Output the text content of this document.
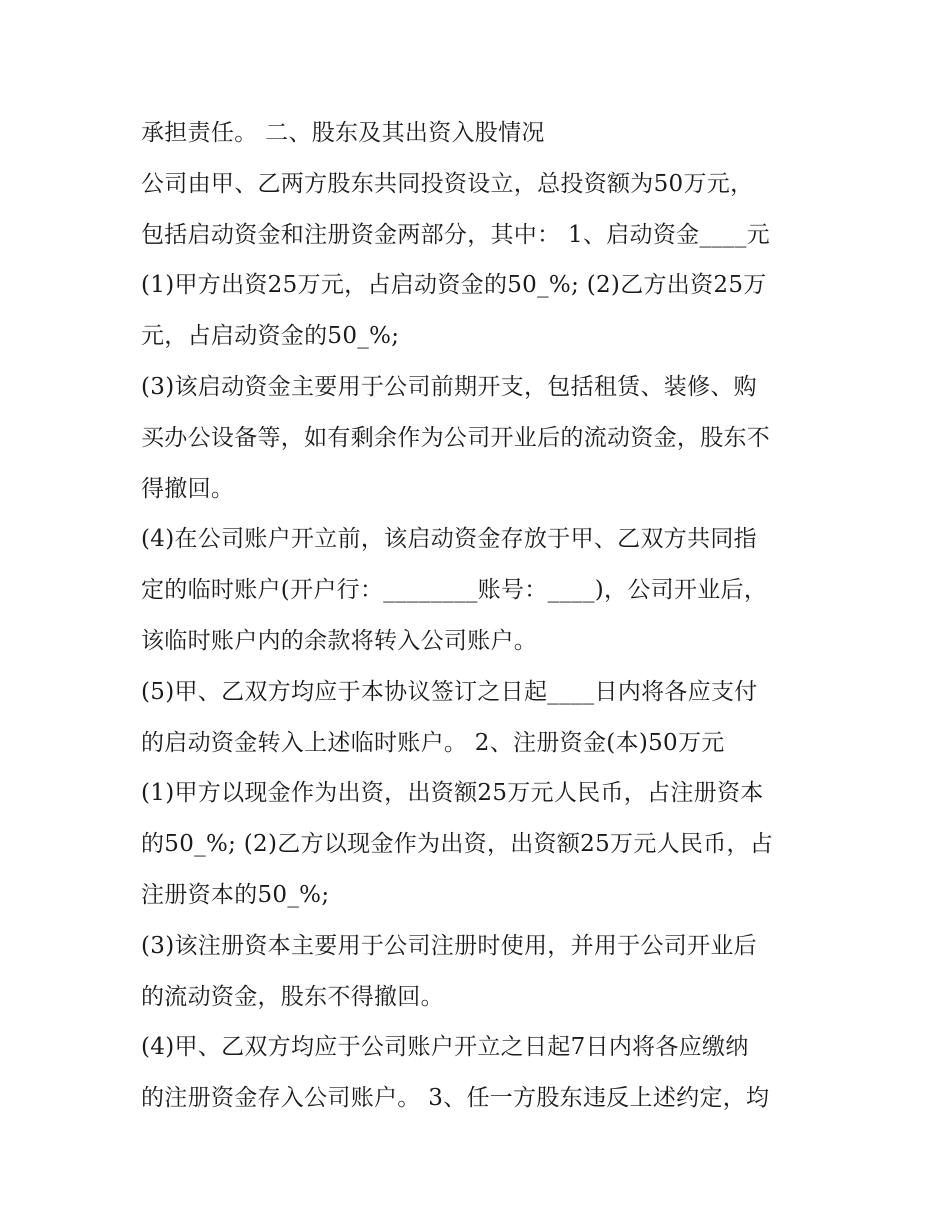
承担责任。 二、股东及其出资入股情况
公司由甲、乙两方股东共同投资设立，总投资额为50万元，
包括启动资金和注册资金两部分，其中： 1、启动资金____元
(1)甲方出资25万元，占启动资金的50_%; (2)乙方出资25万
元，占启动资金的50_%;
(3)该启动资金主要用于公司前期开支，包括租赁、装修、购
买办公设备等，如有剩余作为公司开业后的流动资金，股东不
得撤回。
(4)在公司账户开立前，该启动资金存放于甲、乙双方共同指
定的临时账户(开户行：________账号：____)，公司开业后，
该临时账户内的余款将转入公司账户。
(5)甲、乙双方均应于本协议签订之日起____日内将各应支付
的启动资金转入上述临时账户。 2、注册资金(本)50万元
(1)甲方以现金作为出资，出资额25万元人民币，占注册资本
的50_%; (2)乙方以现金作为出资，出资额25万元人民币，占
注册资本的50_%;
(3)该注册资本主要用于公司注册时使用，并用于公司开业后
的流动资金，股东不得撤回。
(4)甲、乙双方均应于公司账户开立之日起7日内将各应缴纳
的注册资金存入公司账户。 3、任一方股东违反上述约定，均
